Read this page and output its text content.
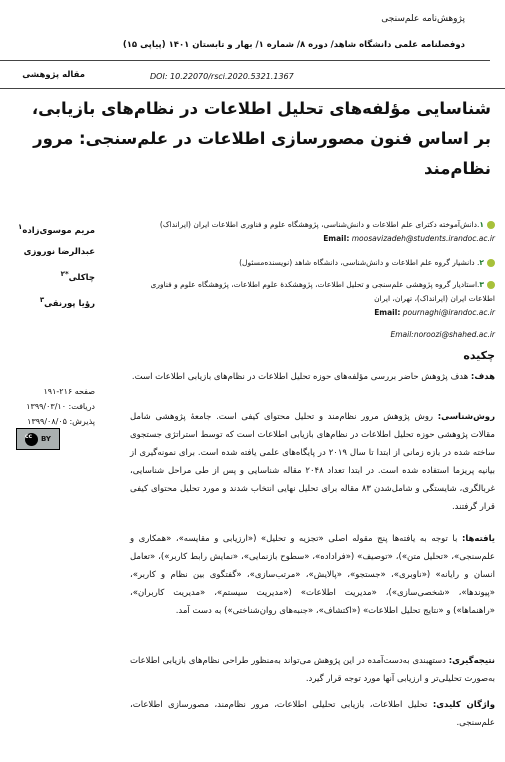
پژوهش‌نامه علم‌سنجی
دوفصلنامه علمی دانشگاه شاهد/ دوره ۸/ شماره ۱/ بهار و تابستان ۱۴۰۱ (پیاپی ۱۵)
DOI: 10.22070/rsci.2020.5321.1367
مقاله پژوهشی
شناسایی مؤلفه‌های تحلیل اطلاعات در نظام‌های بازیابی، بر اساس فنون مصورسازی اطلاعات در علم‌سنجی: مرور نظام‌مند
مریم موسوی‌زاده$^۱$
عبدالرضا نوروزی چاکلی$^{*۲}$
رؤیا پورنقی$^۳$
۱.دانش‌آموخته دکترای علم اطلاعات و دانش‌شناسی، پژوهشگاه علوم و فناوری اطلاعات ایران (ایرانداک)
Email: moosavizadeh@students.irandoc.ac.ir
۲. دانشیار گروه علم اطلاعات و دانش‌شناسی، دانشگاه شاهد (نویسنده‌مسئول)
۳.استادیار گروه پژوهشی علم‌سنجی و تحلیل اطلاعات، پژوهشکدهٔ علوم اطلاعات، پژوهشگاه علوم و فناوری اطلاعات ایران (ایرانداک)، تهران، ایران
Email: pournaghi@irandoc.ac.ir
Email:noroozi@shahed.ac.ir
چکیده
صفحه ۲۱۶-۱۹۱
دریافت: ۱۳۹۹/۰۳/۱۰
پذیرش: ۱۳۹۹/۰۸/۰۵
cc	BY
هدف: هدف پژوهش حاضر بررسی مؤلفه‌های حوزه تحلیل اطلاعات در نظام‌های بازیابی اطلاعات است.
روش‌شناسی: روش پژوهش مرور نظام‌مند و تحلیل محتوای کیفی است. جامعهٔ پژوهشی شامل مقالات پژوهشی حوزه تحلیل اطلاعات در نظام‌های بازیابی اطلاعات است که توسط استراتژی جستجوی ساخته شده در بازه زمانی از ابتدا تا سال ۲۰۱۹ در پایگاه‌های علمی یافته شده است. برای نمونه‌گیری از بیانیه پریزما استفاده شده است. در ابتدا تعداد ۲۰۴۸ مقاله شناسایی و پس از طی مراحل شناسایی، غربالگری، شایستگی و شامل‌شدن ۸۳ مقاله برای تحلیل نهایی انتخاب شدند و مورد تحلیل محتوای کیفی قرار گرفتند.
یافته‌ها: با توجه به یافته‌ها پنج مقوله اصلی «تجزیه و تحلیل» («ارزیابی و مقایسه»، «همکاری و علم‌سنجی»، «تحلیل متن»)، «توصیف» («فراداده»، «سطوح بازنمایی»، «نمایش رابط کاربر»)، «تعامل انسان و رایانه» («ناوبری»، «جستجو»، «پالایش»، «مرتب‌سازی»، «گفتگوی بین نظام و کاربر»، «پیوندها»، «شخصی‌سازی»)، «مدیریت اطلاعات» («مدیریت سیستم»، «مدیریت کاربران»، «راهنماها») و «نتایج تحلیل اطلاعات» («اکتشاف»، «جنبه‌های روان‌شناختی») به دست آمد.
نتیجه‌گیری: دستهبندی به‌دست‌آمده در این پژوهش می‌تواند به‌منظور طراحی نظام‌های بازیابی اطلاعات به‌صورت تحلیلی‌تر و ارزیابی آنها مورد توجه قرار گیرد.
واژگان کلیدی: تحلیل اطلاعات، بازیابی تحلیلی اطلاعات، مرور نظام‌مند، مصورسازی اطلاعات، علم‌سنجی.
